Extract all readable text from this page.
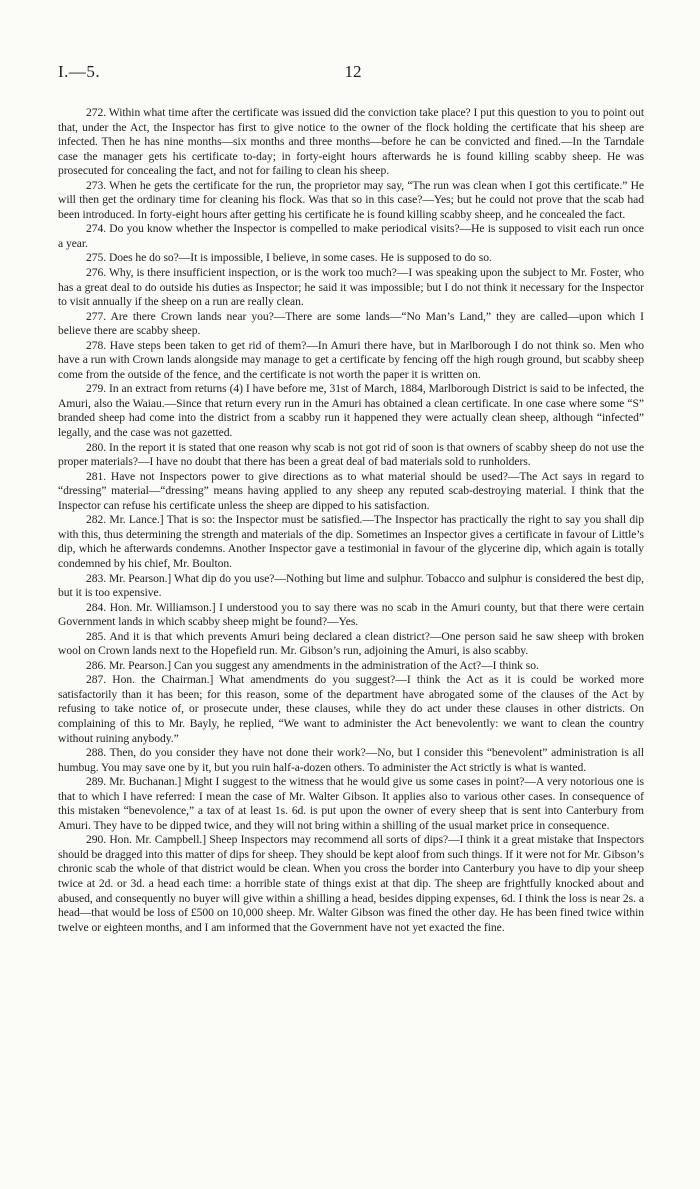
I.—5.	12

272. Within what time after the certificate was issued did the conviction take place? I put this question to you to point out that, under the Act, the Inspector has first to give notice to the owner of the flock holding the certificate that his sheep are infected. Then he has nine months—six months and three months—before he can be convicted and fined.—In the Tarndale case the manager gets his certificate to-day; in forty-eight hours afterwards he is found killing scabby sheep. He was prosecuted for concealing the fact, and not for failing to clean his sheep.

273. When he gets the certificate for the run, the proprietor may say, “The run was clean when I got this certificate.” He will then get the ordinary time for cleaning his flock. Was that so in this case?—Yes; but he could not prove that the scab had been introduced. In forty-eight hours after getting his certificate he is found killing scabby sheep, and he concealed the fact.

274. Do you know whether the Inspector is compelled to make periodical visits?—He is supposed to visit each run once a year.

275. Does he do so?—It is impossible, I believe, in some cases. He is supposed to do so.

276. Why, is there insufficient inspection, or is the work too much?—I was speaking upon the subject to Mr. Foster, who has a great deal to do outside his duties as Inspector; he said it was impossible; but I do not think it necessary for the Inspector to visit annually if the sheep on a run are really clean.

277. Are there Crown lands near you?—There are some lands—“No Man’s Land,” they are called—upon which I believe there are scabby sheep.

278. Have steps been taken to get rid of them?—In Amuri there have, but in Marlborough I do not think so. Men who have a run with Crown lands alongside may manage to get a certificate by fencing off the high rough ground, but scabby sheep come from the outside of the fence, and the certificate is not worth the paper it is written on.

279. In an extract from returns (4) I have before me, 31st of March, 1884, Marlborough District is said to be infected, the Amuri, also the Waiau.—Since that return every run in the Amuri has obtained a clean certificate. In one case where some “S” branded sheep had come into the district from a scabby run it happened they were actually clean sheep, although “infected” legally, and the case was not gazetted.

280. In the report it is stated that one reason why scab is not got rid of soon is that owners of scabby sheep do not use the proper materials?—I have no doubt that there has been a great deal of bad materials sold to runholders.

281. Have not Inspectors power to give directions as to what material should be used?—The Act says in regard to “dressing” material—“dressing” means having applied to any sheep any reputed scab-destroying material. I think that the Inspector can refuse his certificate unless the sheep are dipped to his satisfaction.

282. Mr. Lance.] That is so: the Inspector must be satisfied.—The Inspector has practically the right to say you shall dip with this, thus determining the strength and materials of the dip. Sometimes an Inspector gives a certificate in favour of Little’s dip, which he afterwards condemns. Another Inspector gave a testimonial in favour of the glycerine dip, which again is totally condemned by his chief, Mr. Boulton.

283. Mr. Pearson.] What dip do you use?—Nothing but lime and sulphur. Tobacco and sulphur is considered the best dip, but it is too expensive.

284. Hon. Mr. Williamson.] I understood you to say there was no scab in the Amuri county, but that there were certain Government lands in which scabby sheep might be found?—Yes.

285. And it is that which prevents Amuri being declared a clean district?—One person said he saw sheep with broken wool on Crown lands next to the Hopefield run. Mr. Gibson’s run, adjoining the Amuri, is also scabby.

286. Mr. Pearson.] Can you suggest any amendments in the administration of the Act?—I think so.

287. Hon. the Chairman.] What amendments do you suggest?—I think the Act as it is could be worked more satisfactorily than it has been; for this reason, some of the department have abrogated some of the clauses of the Act by refusing to take notice of, or prosecute under, these clauses, while they do act under these clauses in other districts. On complaining of this to Mr. Bayly, he replied, “We want to administer the Act benevolently: we want to clean the country without ruining anybody.”

288. Then, do you consider they have not done their work?—No, but I consider this “benevolent” administration is all humbug. You may save one by it, but you ruin half-a-dozen others. To administer the Act strictly is what is wanted.

289. Mr. Buchanan.] Might I suggest to the witness that he would give us some cases in point?—A very notorious one is that to which I have referred: I mean the case of Mr. Walter Gibson. It applies also to various other cases. In consequence of this mistaken “benevolence,” a tax of at least 1s. 6d. is put upon the owner of every sheep that is sent into Canterbury from Amuri. They have to be dipped twice, and they will not bring within a shilling of the usual market price in consequence.

290. Hon. Mr. Campbell.] Sheep Inspectors may recommend all sorts of dips?—I think it a great mistake that Inspectors should be dragged into this matter of dips for sheep. They should be kept aloof from such things. If it were not for Mr. Gibson’s chronic scab the whole of that district would be clean. When you cross the border into Canterbury you have to dip your sheep twice at 2d. or 3d. a head each time: a horrible state of things exist at that dip. The sheep are frightfully knocked about and abused, and consequently no buyer will give within a shilling a head, besides dipping expenses, 6d. I think the loss is near 2s. a head—that would be loss of £500 on 10,000 sheep. Mr. Walter Gibson was fined the other day. He has been fined twice within twelve or eighteen months, and I am informed that the Government have not yet exacted the fine.
